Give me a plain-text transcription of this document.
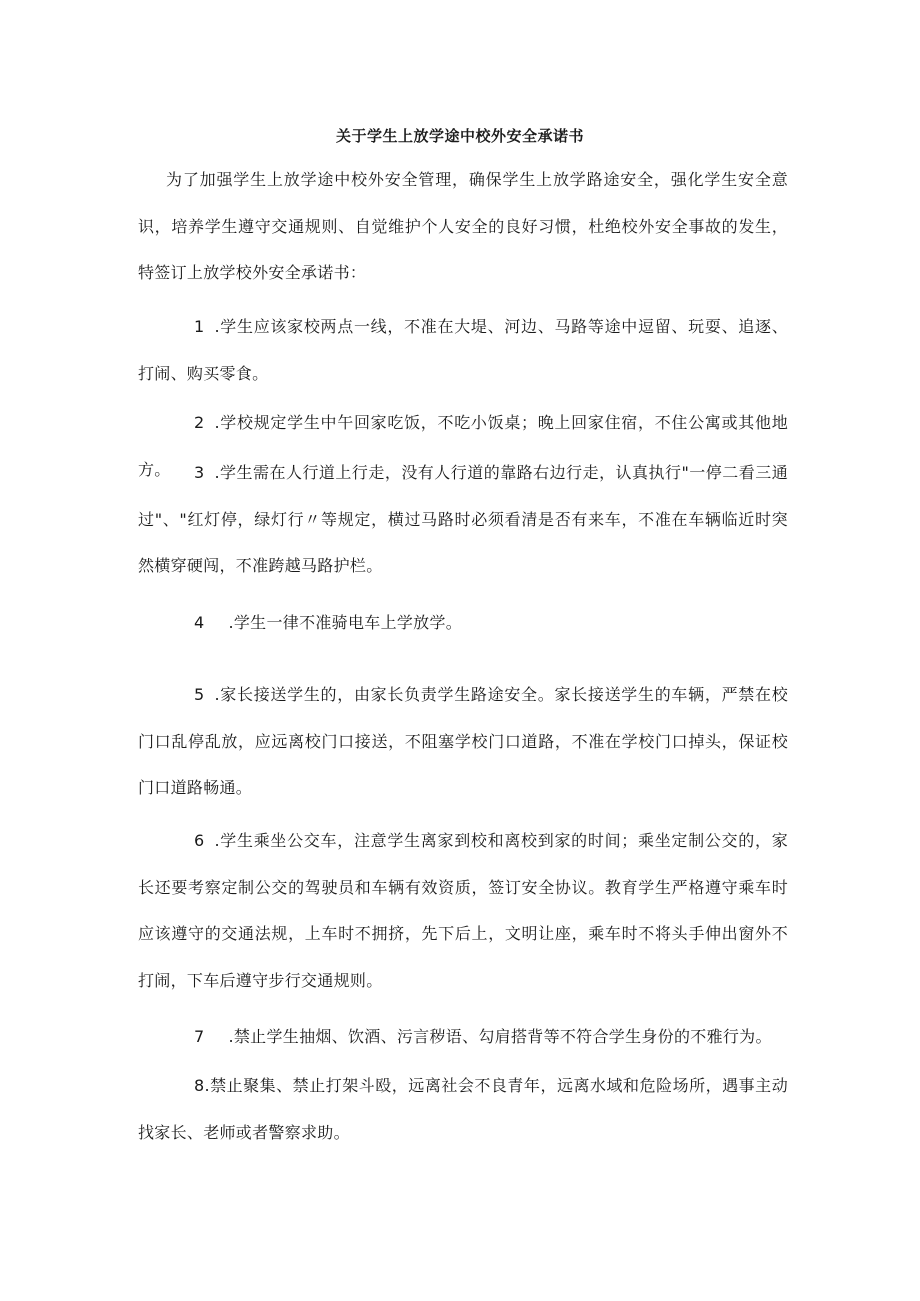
关于学生上放学途中校外安全承诺书

为了加强学生上放学途中校外安全管理，确保学生上放学路途安全，强化学生安全意识，培养学生遵守交通规则、自觉维护个人安全的良好习惯，杜绝校外安全事故的发生，特签订上放学校外安全承诺书：

1 .学生应该家校两点一线，不准在大堤、河边、马路等途中逗留、玩耍、追逐、打闹、购买零食。

2 .学校规定学生中午回家吃饭，不吃小饭桌；晚上回家住宿，不住公寓或其他地方。	3 .学生需在人行道上行走，没有人行道的靠路右边行走，认真执行"一停二看三通过"、"红灯停，绿灯行〃等规定，横过马路时必须看清是否有来车，不准在车辆临近时突然横穿硬闯，不准跨越马路护栏。

4 .学生一律不准骑电车上学放学。

5 .家长接送学生的，由家长负责学生路途安全。家长接送学生的车辆，严禁在校门口乱停乱放，应远离校门口接送，不阻塞学校门口道路，不准在学校门口掉头，保证校门口道路畅通。

6 .学生乘坐公交车，注意学生离家到校和离校到家的时间；乘坐定制公交的，家长还要考察定制公交的驾驶员和车辆有效资质，签订安全协议。教育学生严格遵守乘车时应该遵守的交通法规，上车时不拥挤，先下后上，文明让座，乘车时不将头手伸出窗外不打闹，下车后遵守步行交通规则。

7 .禁止学生抽烟、饮酒、污言秽语、勾肩搭背等不符合学生身份的不雅行为。

8.禁止聚集、禁止打架斗殴，远离社会不良青年，远离水域和危险场所，遇事主动找家长、老师或者警察求助。
